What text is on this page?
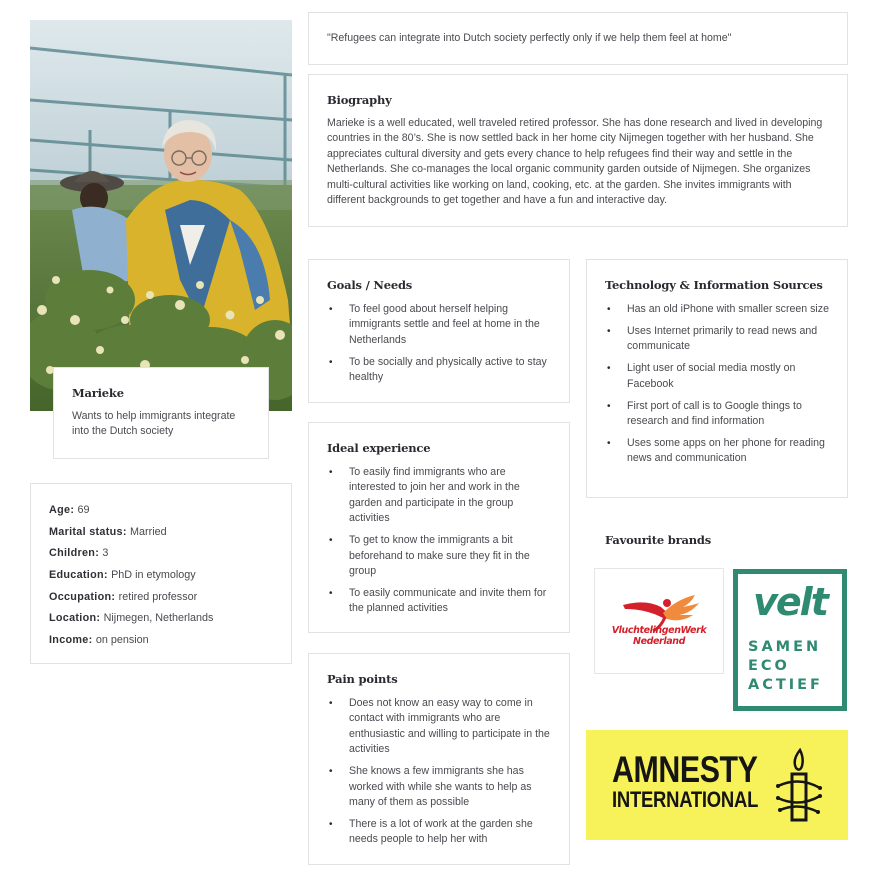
Marieke
Wants to help immigrants integrate into the Dutch society
Age: 69
Marital status: Married
Children: 3
Education: PhD in etymology
Occupation: retired professor
Location: Nijmegen, Netherlands
Income: on pension
"Refugees can integrate into Dutch society perfectly only if we help them feel at home"
Biography
Marieke is a well educated, well traveled retired professor. She has done research and lived in developing countries in the 80’s. She is now settled back in her home city Nijmegen together with her husband. She appreciates cultural diversity and gets every chance to help refugees find their way and settle in the Netherlands. She co-manages the local organic community garden outside of Nijmegen. She organizes multi-cultural activities like working on land, cooking, etc. at the garden. She invites immigrants with different backgrounds to get together and have a fun and interactive day.
Goals / Needs
• To feel good about herself helping immigrants settle and feel at home in the Netherlands
• To be socially and physically active to stay healthy
Technology & Information Sources
• Has an old iPhone with smaller screen size
• Uses Internet primarily to read news and communicate
• Light user of social media mostly on Facebook
• First port of call is to Google things to research and find information
• Uses some apps on her phone for reading news and communication
Ideal experience
• To easily find immigrants who are interested to join her and work in the garden and participate in the group activities
• To get to know the immigrants a bit beforehand to make sure they fit in the group
• To easily communicate and invite them for the planned activities
Pain points
• Does not know an easy way to come in contact with immigrants who are enthusiastic and willing to participate in the activities
• She knows a few immigrants she has worked with while she wants to help as many of them as possible
• There is a lot of work at the garden she needs people to help her with
Favourite brands
VluchtelingenWerk
Nederland
velt
SAMEN
ECO
ACTIEF
AMNESTY
INTERNATIONAL
